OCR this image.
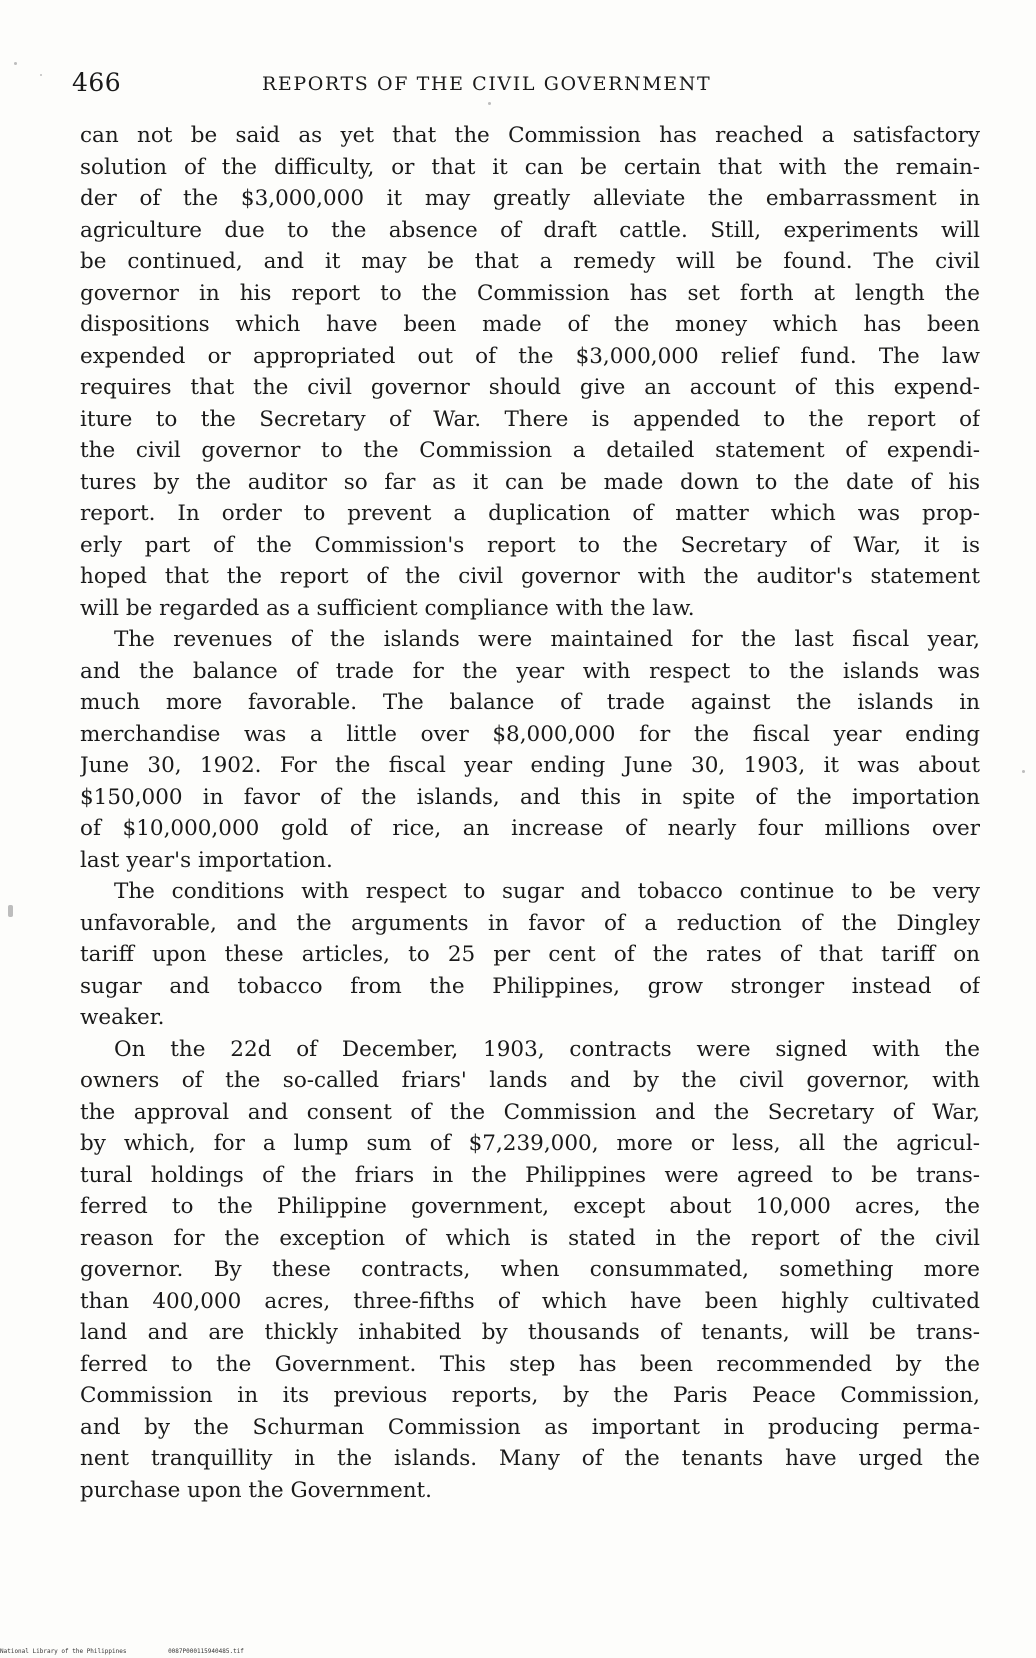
466	REPORTS OF THE CIVIL GOVERNMENT
can not be said as yet that the Commission has reached a satisfactory
solution of the difficulty, or that it can be certain that with the remain-
der of the $3,000,000 it may greatly alleviate the embarrassment in
agriculture due to the absence of draft cattle. Still, experiments will
be continued, and it may be that a remedy will be found. The civil
governor in his report to the Commission has set forth at length the
dispositions which have been made of the money which has been
expended or appropriated out of the $3,000,000 relief fund. The law
requires that the civil governor should give an account of this expend-
iture to the Secretary of War. There is appended to the report of
the civil governor to the Commission a detailed statement of expendi-
tures by the auditor so far as it can be made down to the date of his
report. In order to prevent a duplication of matter which was prop-
erly part of the Commission's report to the Secretary of War, it is
hoped that the report of the civil governor with the auditor's statement
will be regarded as a sufficient compliance with the law.
The revenues of the islands were maintained for the last fiscal year,
and the balance of trade for the year with respect to the islands was
much more favorable. The balance of trade against the islands in
merchandise was a little over $8,000,000 for the fiscal year ending
June 30, 1902. For the fiscal year ending June 30, 1903, it was about
$150,000 in favor of the islands, and this in spite of the importation
of $10,000,000 gold of rice, an increase of nearly four millions over
last year's importation.
The conditions with respect to sugar and tobacco continue to be very
unfavorable, and the arguments in favor of a reduction of the Dingley
tariff upon these articles, to 25 per cent of the rates of that tariff on
sugar and tobacco from the Philippines, grow stronger instead of
weaker.
On the 22d of December, 1903, contracts were signed with the
owners of the so-called friars' lands and by the civil governor, with
the approval and consent of the Commission and the Secretary of War,
by which, for a lump sum of $7,239,000, more or less, all the agricul-
tural holdings of the friars in the Philippines were agreed to be trans-
ferred to the Philippine government, except about 10,000 acres, the
reason for the exception of which is stated in the report of the civil
governor. By these contracts, when consummated, something more
than 400,000 acres, three-fifths of which have been highly cultivated
land and are thickly inhabited by thousands of tenants, will be trans-
ferred to the Government. This step has been recommended by the
Commission in its previous reports, by the Paris Peace Commission,
and by the Schurman Commission as important in producing perma-
nent tranquillity in the islands. Many of the tenants have urged the
purchase upon the Government.
National Library of the Philippines	0087P000115940485.tif
